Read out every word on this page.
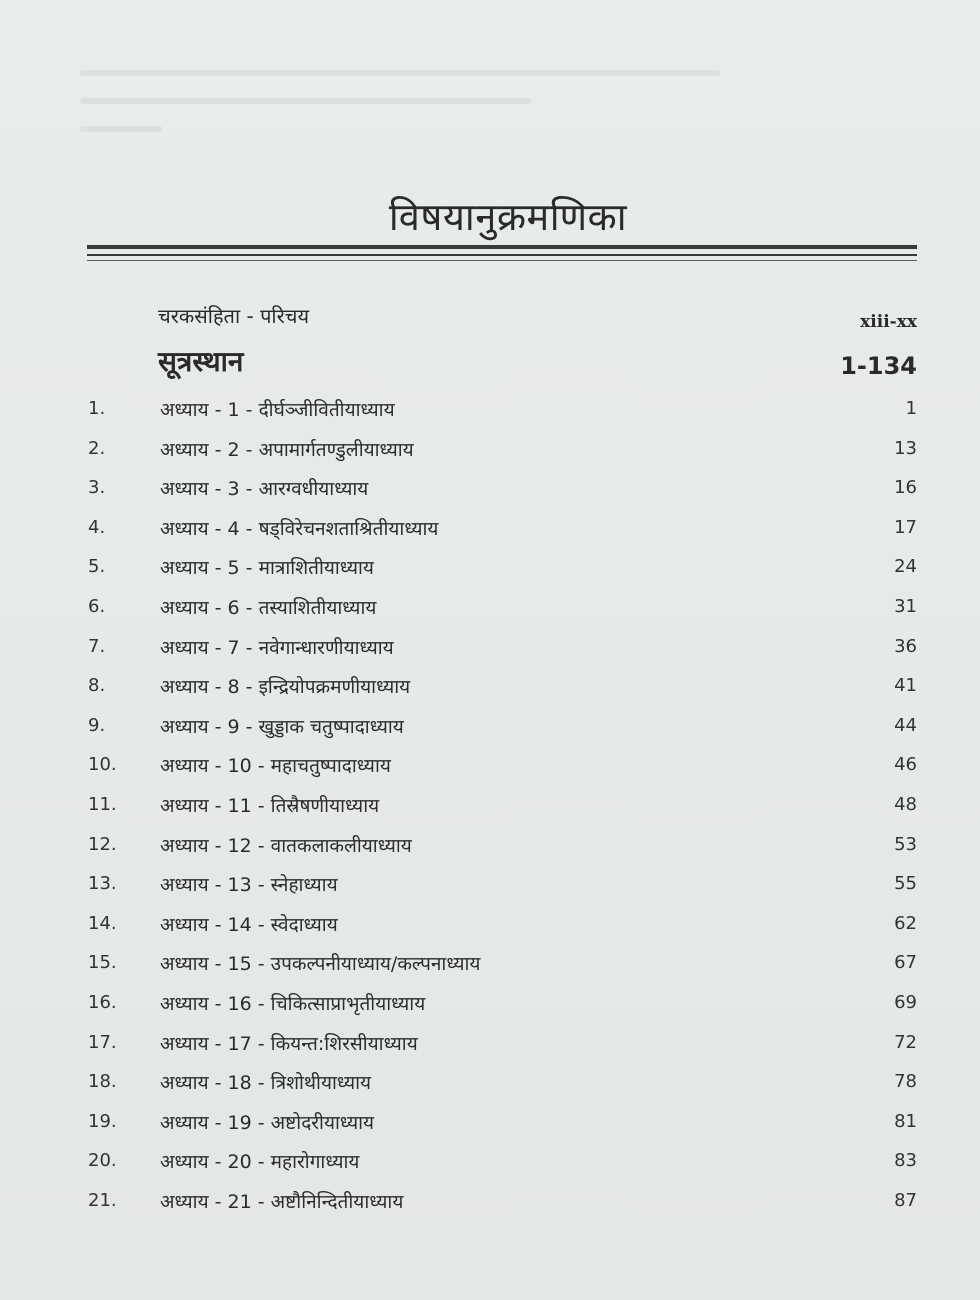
विषयानुक्रमणिका
चरकसंहिता - परिचय	xiii-xx
सूत्रस्थान	1-134
1.	अध्याय - 1 - दीर्घञ्जीवितीयाध्याय	1
2.	अध्याय - 2 - अपामार्गतण्डुलीयाध्याय	13
3.	अध्याय - 3 - आरग्वधीयाध्याय	16
4.	अध्याय - 4 - षड्विरेचनशताश्रितीयाध्याय	17
5.	अध्याय - 5 - मात्राशितीयाध्याय	24
6.	अध्याय - 6 - तस्याशितीयाध्याय	31
7.	अध्याय - 7 - नवेगान्धारणीयाध्याय	36
8.	अध्याय - 8 - इन्द्रियोपक्रमणीयाध्याय	41
9.	अध्याय - 9 - खुड्डाक चतुष्पादाध्याय	44
10. अध्याय - 10 - महाचतुष्पादाध्याय	46
11. अध्याय - 11 - तिस्रैषणीयाध्याय	48
12. अध्याय - 12 - वातकलाकलीयाध्याय	53
13. अध्याय - 13 - स्नेहाध्याय	55
14. अध्याय - 14 - स्वेदाध्याय	62
15. अध्याय - 15 - उपकल्पनीयाध्याय/कल्पनाध्याय	67
16. अध्याय - 16 - चिकित्साप्राभृतीयाध्याय	69
17. अध्याय - 17 - कियन्त:शिरसीयाध्याय	72
18. अध्याय - 18 - त्रिशोथीयाध्याय	78
19. अध्याय - 19 - अष्टोदरीयाध्याय	81
20. अध्याय - 20 - महारोगाध्याय	83
21. अध्याय - 21 - अष्टौनिन्दितीयाध्याय	87
